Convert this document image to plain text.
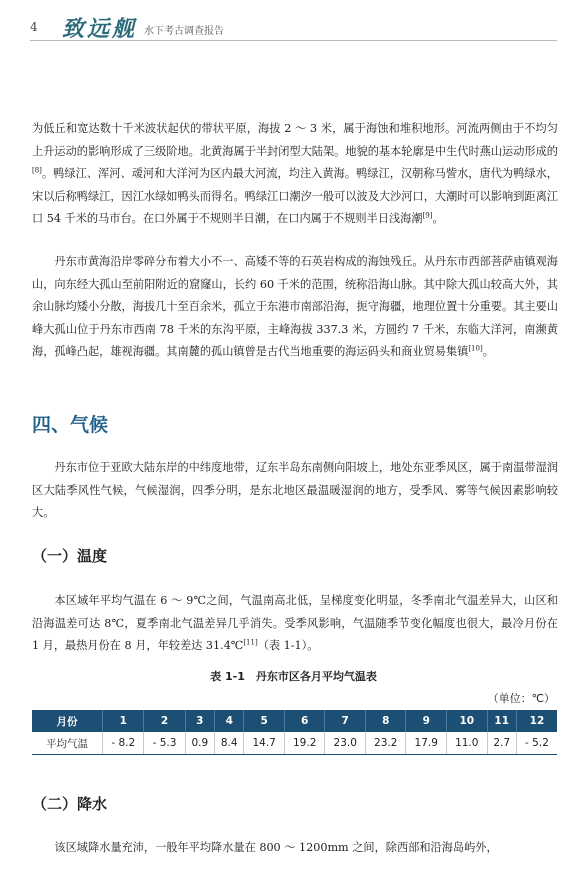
4 致远舰 水下考古调查报告

为低丘和宽达数十千米波状起伏的带状平原，海拔 2 ～ 3 米，属于海蚀和堆积地形。河流两侧由于不均匀上升运动的影响形成了三级阶地。北黄海属于半封闭型大陆架。地貌的基本轮廓是中生代时燕山运动形成的[8]。鸭绿江、浑河、叆河和大洋河为区内最大河流，均注入黄海。鸭绿江，汉朝称马訾水，唐代为鸭绿水，宋以后称鸭绿江，因江水绿如鸭头而得名。鸭绿江口潮汐一般可以波及大沙河口，大潮时可以影响到距离江口 54 千米的马市台。在口外属于不规则半日潮，在口内属于不规则半日浅海潮[9]。

丹东市黄海沿岸零碎分布着大小不一、高矮不等的石英岩构成的海蚀残丘。从丹东市西部菩萨庙镇观海山，向东经大孤山至前阳附近的窟窿山，长约 60 千米的范围，统称沿海山脉。其中除大孤山较高大外，其余山脉均矮小分散，海拔几十至百余米，孤立于东港市南部沿海，扼守海疆，地理位置十分重要。其主要山峰大孤山位于丹东市西南 78 千米的东沟平原，主峰海拔 337.3 米，方圆约 7 千米，东临大洋河，南濒黄海，孤峰凸起，雄视海疆。其南麓的孤山镇曾是古代当地重要的海运码头和商业贸易集镇[10]。

四、气候

丹东市位于亚欧大陆东岸的中纬度地带，辽东半岛东南侧向阳坡上，地处东亚季风区，属于南温带湿润区大陆季风性气候，气候湿润，四季分明，是东北地区最温暖湿润的地方，受季风、雾等气候因素影响较大。

（一）温度

本区域年平均气温在 6 ～ 9℃之间，气温南高北低，呈梯度变化明显，冬季南北气温差异大，山区和沿海温差可达 8℃，夏季南北气温差异几乎消失。受季风影响，气温随季节变化幅度也很大，最冷月份在 1 月，最热月份在 8 月，年较差达 31.4℃[11]（表 1-1）。

表 1-1　丹东市区各月平均气温表
（单位：℃）
月份	1	2	3	4	5	6	7	8	9	10	11	12
平均气温	- 8.2	- 5.3	0.9	8.4	14.7	19.2	23.0	23.2	17.9	11.0	2.7	- 5.2
（二）降水

该区域降水量充沛，一般年平均降水量在 800 ～ 1200mm 之间，除西部和沿海岛屿外，
